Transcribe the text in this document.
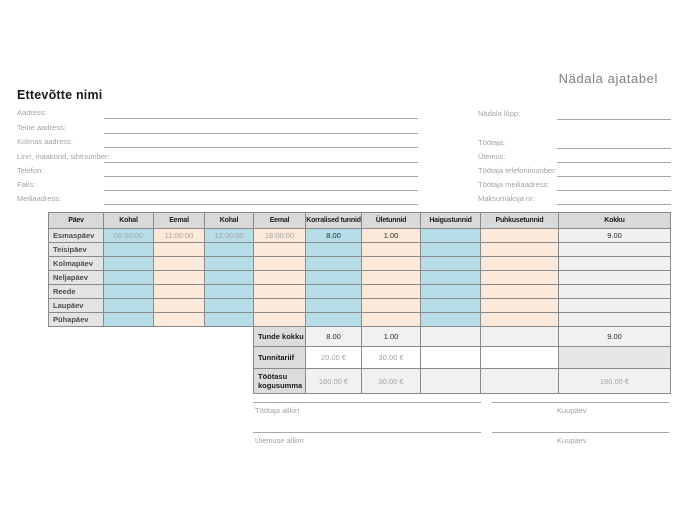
Nädala ajatabel
Ettevõtte nimi
Aadress:
Teine aadress:
Kolmas aadress:
Linn, maakond, sihtnumber:
Telefon:
Faks:
Meiliaadress:
Nädala lõpp:
Töötaja:
Ülemus:
Töötaja telefoninumber:
Töötaja meiliaadress:
Maksumaksja nr:
Päev	Kohal	Eemal	Kohal	Eemal	Korralised tunnid	Ületunnid	Haigustunnid	Puhkusetunnid	Kokku
Esmaspäev	08:00:00	11:00:00	12:00:00	18:00:00	8.00	1.00			9.00
Teisipäev									
Kolmapäev									
Neljapäev									
Reede									
Laupäev									
Pühapäev									
Tunde kokku	8.00	1.00			9.00
Tunnitariif	20.00 €	30.00 €			
Töötasu kogusumma	160.00 €	30.00 €			190.00 €
Töötaja allkiri	Kuupäev
Ülemuse allkiri	Kuupäev
